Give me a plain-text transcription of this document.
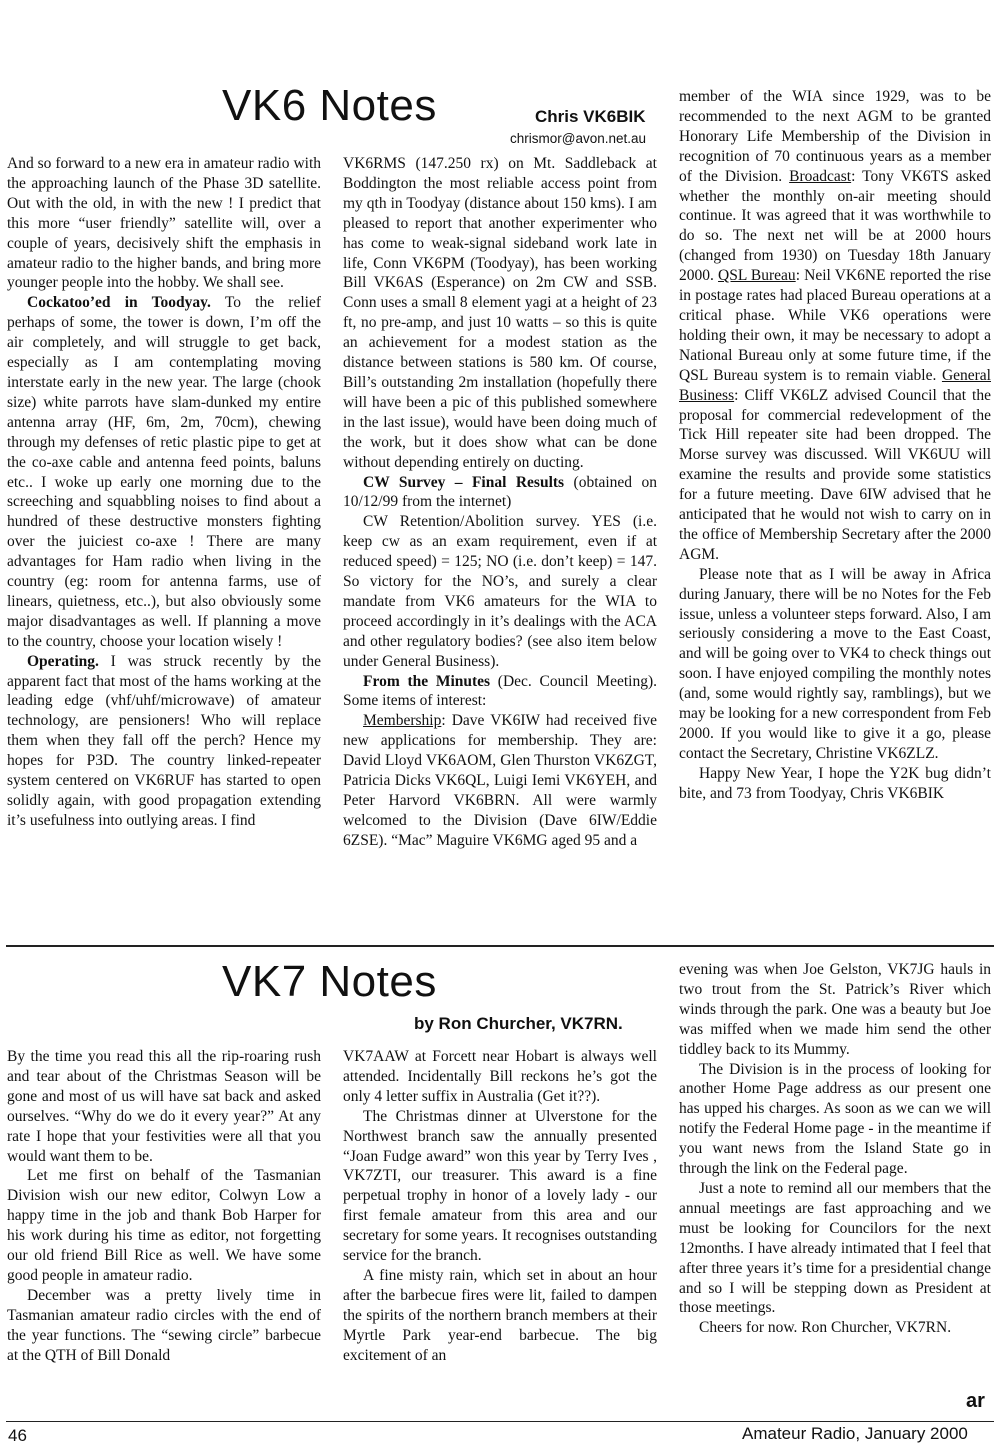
VK6 Notes	Chris VK6BIK
chrismor@avon.net.au

And so forward to a new era in amateur radio with the approaching launch of the Phase 3D satellite. Out with the old, in with the new ! I predict that this more “user friendly” satellite will, over a couple of years, decisively shift the emphasis in amateur radio to the higher bands, and bring more younger people into the hobby. We shall see.

Cockatoo’ed in Toodyay. To the relief perhaps of some, the tower is down, I’m off the air completely, and will struggle to get back, especially as I am contemplating moving interstate early in the new year. The large (chook size) white parrots have slam-dunked my entire antenna array (HF, 6m, 2m, 70cm), chewing through my defenses of retic plastic pipe to get at the co-axe cable and antenna feed points, baluns etc.. I woke up early one morning due to the screeching and squabbling noises to find about a hundred of these destructive monsters fighting over the juiciest co-axe ! There are many advantages for Ham radio when living in the country (eg: room for antenna farms, use of linears, quietness, etc..), but also obviously some major disadvantages as well. If planning a move to the country, choose your location wisely !

Operating. I was struck recently by the apparent fact that most of the hams working at the leading edge (vhf/uhf/microwave) of amateur technology, are pensioners! Who will replace them when they fall off the perch? Hence my hopes for P3D. The country linked-repeater system centered on VK6RUF has started to open solidly again, with good propagation extending it’s usefulness into outlying areas. I find

VK6RMS (147.250 rx) on Mt. Saddleback at Boddington the most reliable access point from my qth in Toodyay (distance about 150 kms). I am pleased to report that another experimenter who has come to weak-signal sideband work late in life, Conn VK6PM (Toodyay), has been working Bill VK6AS (Esperance) on 2m CW and SSB. Conn uses a small 8 element yagi at a height of 23 ft, no pre-amp, and just 10 watts – so this is quite an achievement for a modest station as the distance between stations is 580 km. Of course, Bill’s outstanding 2m installation (hopefully there will have been a pic of this published somewhere in the last issue), would have been doing much of the work, but it does show what can be done without depending entirely on ducting.

CW Survey – Final Results (obtained on 10/12/99 from the internet)

CW Retention/Abolition survey. YES (i.e. keep cw as an exam requirement, even if at reduced speed) = 125; NO (i.e. don’t keep) = 147. So victory for the NO’s, and surely a clear mandate from VK6 amateurs for the WIA to proceed accordingly in it’s dealings with the ACA and other regulatory bodies? (see also item below under General Business).

From the Minutes (Dec. Council Meeting). Some items of interest:

Membership: Dave VK6IW had received five new applications for membership. They are: David Lloyd VK6AOM, Glen Thurston VK6ZGT, Patricia Dicks VK6QL, Luigi Iemi VK6YEH, and Peter Harvord VK6BRN. All were warmly welcomed to the Division (Dave 6IW/Eddie 6ZSE). “Mac” Maguire VK6MG aged 95 and a

member of the WIA since 1929, was to be recommended to the next AGM to be granted Honorary Life Membership of the Division in recognition of 70 continuous years as a member of the Division. Broadcast: Tony VK6TS asked whether the monthly on-air meeting should continue. It was agreed that it was worthwhile to do so. The next net will be at 2000 hours (changed from 1930) on Tuesday 18th January 2000. QSL Bureau: Neil VK6NE reported the rise in postage rates had placed Bureau operations at a critical phase. While VK6 operations were holding their own, it may be necessary to adopt a National Bureau only at some future time, if the QSL Bureau system is to remain viable. General Business: Cliff VK6LZ advised Council that the proposal for commercial redevelopment of the Tick Hill repeater site had been dropped. The Morse survey was discussed. Will VK6UU will examine the results and provide some statistics for a future meeting. Dave 6IW advised that he anticipated that he would not wish to carry on in the office of Membership Secretary after the 2000 AGM.

Please note that as I will be away in Africa during January, there will be no Notes for the Feb issue, unless a volunteer steps forward. Also, I am seriously considering a move to the East Coast, and will be going over to VK4 to check things out soon. I have enjoyed compiling the monthly notes (and, some would rightly say, ramblings), but we may be looking for a new correspondent from Feb 2000. If you would like to give it a go, please contact the Secretary, Christine VK6ZLZ.

Happy New Year, I hope the Y2K bug didn’t bite, and 73 from Toodyay, Chris VK6BIK

VK7 Notes
by Ron Churcher, VK7RN.

By the time you read this all the rip-roaring rush and tear about of the Christmas Season will be gone and most of us will have sat back and asked ourselves. “Why do we do it every year?” At any rate I hope that your festivities were all that you would want them to be.

Let me first on behalf of the Tasmanian Division wish our new editor, Colwyn Low a happy time in the job and thank Bob Harper for his work during his time as editor, not forgetting our old friend Bill Rice as well. We have some good people in amateur radio.

December was a pretty lively time in Tasmanian amateur radio circles with the end of the year functions. The “sewing circle” barbecue at the QTH of Bill Donald

VK7AAW at Forcett near Hobart is always well attended. Incidentally Bill reckons he’s got the only 4 letter suffix in Australia (Get it??).

The Christmas dinner at Ulverstone for the Northwest branch saw the annually presented “Joan Fudge award” won this year by Terry Ives , VK7ZTI, our treasurer. This award is a fine perpetual trophy in honor of a lovely lady - our first female amateur from this area and our secretary for some years. It recognises outstanding service for the branch.

A fine misty rain, which set in about an hour after the barbecue fires were lit, failed to dampen the spirits of the northern branch members at their Myrtle Park year-end barbecue. The big excitement of an

evening was when Joe Gelston, VK7JG hauls in two trout from the St. Patrick’s River which winds through the park. One was a beauty but Joe was miffed when we made him send the other tiddley back to its Mummy.

The Division is in the process of looking for another Home Page address as our present one has upped his charges. As soon as we can we will notify the Federal Home page - in the meantime if you want news from the Island State go in through the link on the Federal page.

Just a note to remind all our members that the annual meetings are fast approaching and we must be looking for Councilors for the next 12months. I have already intimated that I feel that after three years it’s time for a presidential change and so I will be stepping down as President at those meetings.

Cheers for now. Ron Churcher, VK7RN.

ar
46	Amateur Radio, January 2000
